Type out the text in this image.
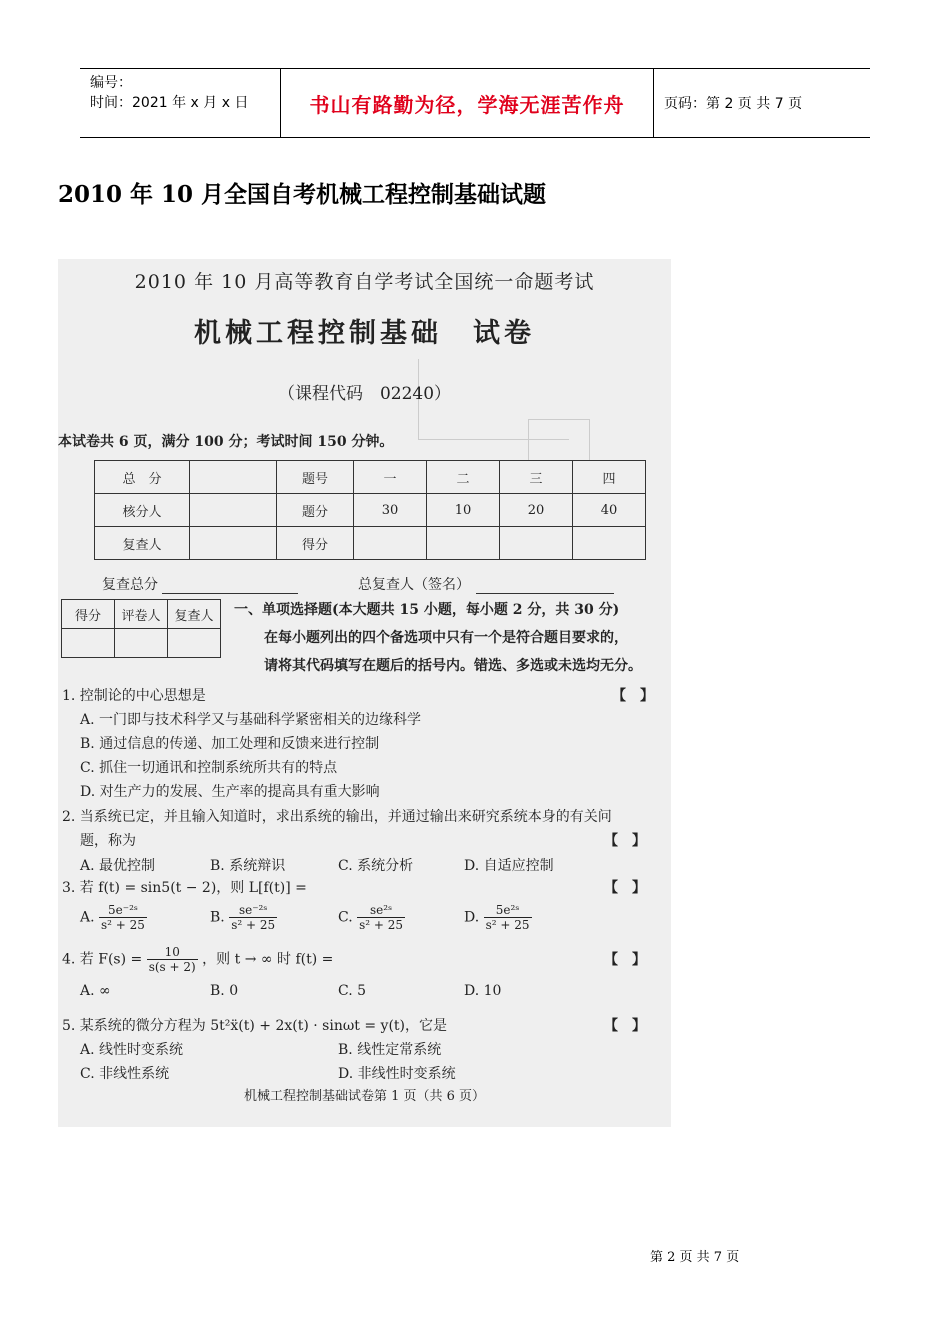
编号：
时间：2021 年 x 月 x 日	书山有路勤为径，学海无涯苦作舟	页码：第 2 页 共 7 页
2010 年 10 月全国自考机械工程控制基础试题
2010 年 10 月高等教育自学考试全国统一命题考试
机械工程控制基础　试卷
（课程代码　02240）
本试卷共 6 页，满分 100 分；考试时间 150 分钟。
总　分		题号	一	二	三	四
核分人		题分	30	10	20	40
复查人		得分				
复查总分	总复查人（签名）
得分	评卷人	复查人
		一、单项选择题(本大题共 15 小题，每小题 2 分，共 30 分)
在每小题列出的四个备选项中只有一个是符合题目要求的，
请将其代码填写在题后的括号内。错选、多选或未选均无分。
1. 控制论的中心思想是	【】
A. 一门即与技术科学又与基础科学紧密相关的边缘科学
B. 通过信息的传递、加工处理和反馈来进行控制
C. 抓住一切通讯和控制系统所共有的特点
D. 对生产力的发展、生产率的提高具有重大影响
2. 当系统已定，并且输入知道时，求出系统的输出，并通过输出来研究系统本身的有关问
题，称为	【】
A. 最优控制	B. 系统辩识	C. 系统分析	D. 自适应控制
3. 若 f(t) = sin5(t − 2)，则 L[f(t)] =	【】
A. $\frac{\text{5e⁻²ˢ}}{\text{s² + 25}}$	B. $\frac{\text{se⁻²ˢ}}{\text{s² + 25}}$	C. $\frac{\text{se²ˢ}}{\text{s² + 25}}$	D. $\frac{\text{5e²ˢ}}{\text{s² + 25}}$
4. 若 $F(s) = \frac{10}{s(s + 2)}$ ，则 t → ∞ 时 f(t) =	【】
A. ∞	B. 0	C. 5	D. 10
5. 某系统的微分方程为 5t²ẍ(t) + 2x(t) · sinωt = y(t)，它是	【】
A. 线性时变系统	B. 线性定常系统
C. 非线性系统	D. 非线性时变系统
机械工程控制基础试卷第 1 页（共 6 页）
第 2 页 共 7 页
